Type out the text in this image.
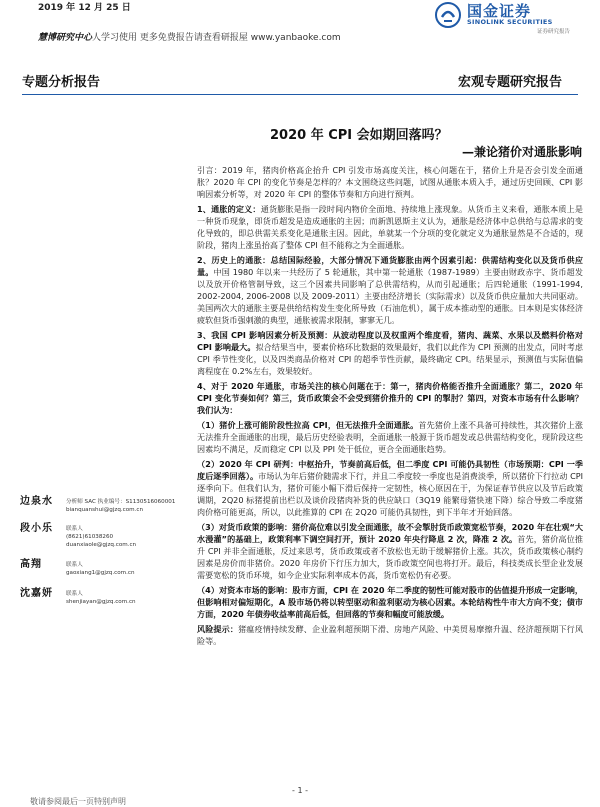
2019 年 12 月 25 日	国金证券
SINOLINK SECURITIES
证券研究报告
慧博研究中心人学习使用 更多免费报告请查看研报屋 www.yanbaoke.com
专题分析报告	宏观专题研究报告
2020 年 CPI 会如期回落吗？
—兼论猪价对通胀影响

引言：2019 年，猪肉价格高企抬升 CPI 引发市场高度关注，核心问题在于，猪价上升是否会引发全面通胀？2020 年 CPI 的变化节奏是怎样的？本文围绕这些问题，试图从通胀本质入手，通过历史回顾、CPI 影响因素分析等，对 2020 年 CPI 的整体节奏和方向进行预判。

1、通胀的定义：通货膨胀是指一段时间内物价全面地、持续地上涨现象。从货币主义来看，通胀本质上是一种货币现象，即货币超发是造成通胀的主因；而新凯恩斯主义认为，通胀是经济体中总供给与总需求的变化导致的，即总供需关系变化是通胀主因。因此，单就某一个分项的变化就定义为通胀显然是不合适的，现阶段，猪肉上涨虽抬高了整体 CPI 但不能称之为全面通胀。

2、历史上的通胀：总结国际经验，大部分情况下通货膨胀由两个因素引起：供需结构变化以及货币供应量。中国 1980 年以来一共经历了 5 轮通胀，其中第一轮通胀（1987-1989）主要由财政赤字、货币超发以及放开价格管制导致，这三个因素共同影响了总供需结构，从而引起通胀；后四轮通胀（1991-1994, 2002-2004, 2006-2008 以及 2009-2011）主要由经济增长（实际需求）以及货币供应量加大共同驱动。美国两次大的通胀主要是供给结构发生变化所导致（石油危机），属于成本推动型的通胀。日本则是实体经济疲软但货币强刺激的典型，通胀被需求限制，寥寥无几。

3、我国 CPI 影响因素分析及预测：从波动程度以及权重两个维度看，猪肉、蔬菜、水果以及燃料价格对 CPI 影响最大。拟合结果当中，要素价格环比数据的效果最好，我们以此作为 CPI 预测的出发点，同时考虑 CPI 季节性变化，以及四类商品价格对 CPI 的超季节性贡献，最终确定 CPI。结果显示，预测值与实际值偏离程度在 0.2%左右，效果较好。

4、对于 2020 年通胀，市场关注的核心问题在于：第一，猪肉价格能否推升全面通胀？第二，2020 年 CPI 变化节奏如何？第三，货币政策会不会受到猪价推升的 CPI 的掣肘？第四，对资本市场有什么影响？我们认为：

（1）猪价上涨可能阶段性拉高 CPI，但无法推升全面通胀。首先猪价上涨不具备可持续性，其次猪价上涨无法推升全面通胀的出现，最后历史经验表明，全面通胀一般源于货币超发或总供需结构变化，现阶段这些因素均不满足，反而稳定 CPI 以及 PPI 处于低位，更合全面通胀趋势。

（2）2020 年 CPI 研判：中枢抬升，节奏前高后低，但二季度 CPI 可能仍具韧性（市场预期：CPI 一季度后逐季回落）。市场认为年后猪价随需求下行，并且二季度较一季度也是消费淡季，所以猪价下行拉动 CPI 逐季向下。但我们认为，猪价可能小幅下滑后保持一定韧性，核心原因在于，为保证春节供应以及节后政策调期，2Q20 标猪提前出栏以及谈价段猪肉补货的供应缺口（3Q19 能繁母猪快速下降）综合导致二季度猪肉价格可能更高，所以，以此推算的 CPI 在 2Q20 可能仍具韧性，到下半年才开始回落。

（3）对货币政策的影响：猪价高位难以引发全面通胀，故不会掣肘货币政策宽松节奏，2020 年在壮观“大水漫灌”的基础上，政策利率下调空间打开，预计 2020 年央行降息 2 次，降准 2 次。首先，猪价高位推升 CPI 并非全面通胀，反过来思考，货币政策或者不放松也无助于缓解猪价上涨。其次，货币政策核心制约因素是房价而非猪价。2020 年房价下行压力加大，货币政策空间也将打开。最后，科技类成长型企业发展需要宽松的货币环境，如今企业实际利率成本仍高，货币宽松仍有必要。

（4）对资本市场的影响：股市方面，CPI 在 2020 年二季度的韧性可能对股市的估值提升形成一定影响，但影响相对偏短期化，A 股市场仍将以转型驱动和盈利驱动为核心因素。本轮结构性牛市大方向不变；债市方面，2020 年债券收益率前高后低，但回落的节奏和幅度可能放缓。

风险提示：猪瘟疫情持续发酵、企业盈利超预期下滑、房地产风险、中美贸易摩擦升温、经济超预期下行风险等。

边泉水 分析师 SAC 执业编号：S1130516060001
bianquanshui@gjzq.com.cn
段小乐 联系人
(8621)61038260
duanxiaole@gjzq.com.cn
高翔	联系人
gaoxiang1@gjzq.com.cn
沈嘉妍 联系人
shenjiayan@gjzq.com.cn
- 1 -
敬请参阅最后一页特别声明
